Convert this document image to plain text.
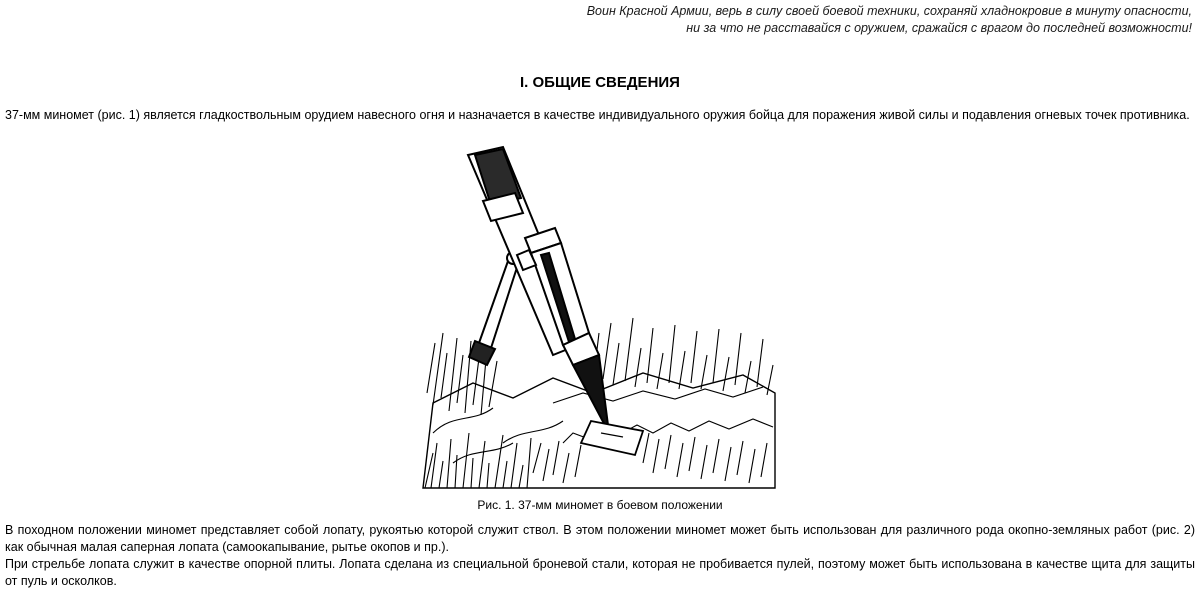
Воин Красной Армии, верь в силу своей боевой техники, сохраняй хладнокровие в минуту опасности,
ни за что не расставайся с оружием, сражайся с врагом до последней возможности!
I. ОБЩИЕ СВЕДЕНИЯ

37-мм миномет (рис. 1) является гладкоствольным орудием навесного огня и назначается в качестве индивидуального оружия бойца для поражения живой силы и подавления огневых точек противника.

Рис. 1. 37-мм миномет в боевом положении

В походном положении миномет представляет собой лопату, рукоятью которой служит ствол. В этом положении миномет может быть использован для различного рода окопно-земляных работ (рис. 2) как обычная малая саперная лопата (самоокапывание, рытье окопов и пр.).

При стрельбе лопата служит в качестве опорной плиты. Лопата сделана из специальной броневой стали, которая не пробивается пулей, поэтому может быть использована в качестве щита для защиты от пуль и осколков.
